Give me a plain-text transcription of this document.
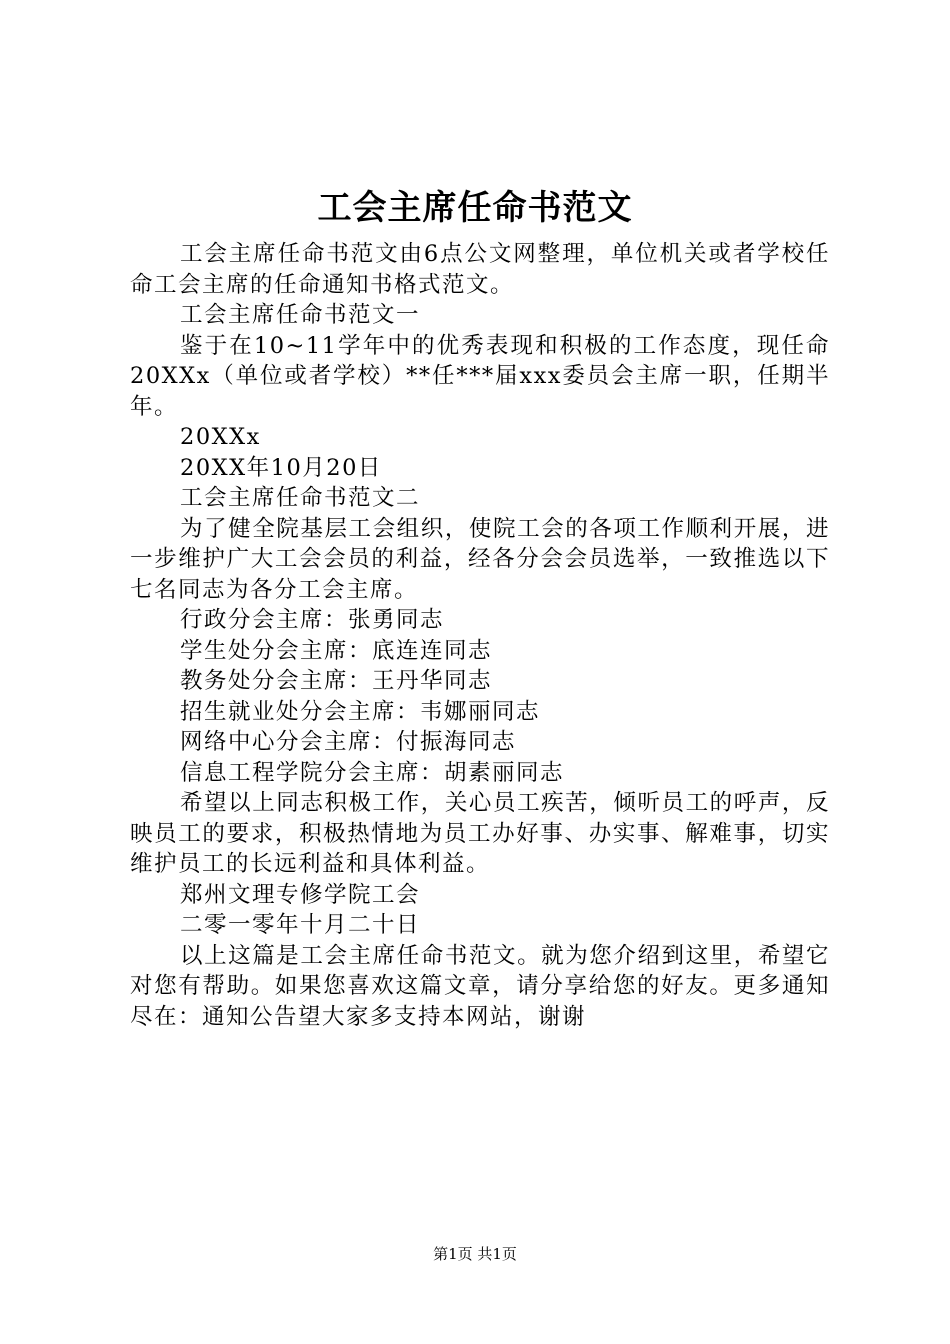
工会主席任命书范文

工会主席任命书范文由6点公文网整理，单位机关或者学校任命工会主席的任命通知书格式范文。

工会主席任命书范文一

鉴于在10~11学年中的优秀表现和积极的工作态度，现任命20XXx（单位或者学校）**任***届xxx委员会主席一职，任期半年。

20XXx

20XX年10月20日

工会主席任命书范文二

为了健全院基层工会组织，使院工会的各项工作顺利开展，进一步维护广大工会会员的利益，经各分会会员选举，一致推选以下七名同志为各分工会主席。

行政分会主席：张勇同志

学生处分会主席：底连连同志

教务处分会主席：王丹华同志

招生就业处分会主席：韦娜丽同志

网络中心分会主席：付振海同志

信息工程学院分会主席：胡素丽同志

希望以上同志积极工作，关心员工疾苦，倾听员工的呼声，反映员工的要求，积极热情地为员工办好事、办实事、解难事，切实维护员工的长远利益和具体利益。

郑州文理专修学院工会

二零一零年十月二十日

以上这篇是工会主席任命书范文。就为您介绍到这里，希望它对您有帮助。如果您喜欢这篇文章，请分享给您的好友。更多通知尽在：通知公告望大家多支持本网站，谢谢

第1页 共1页
